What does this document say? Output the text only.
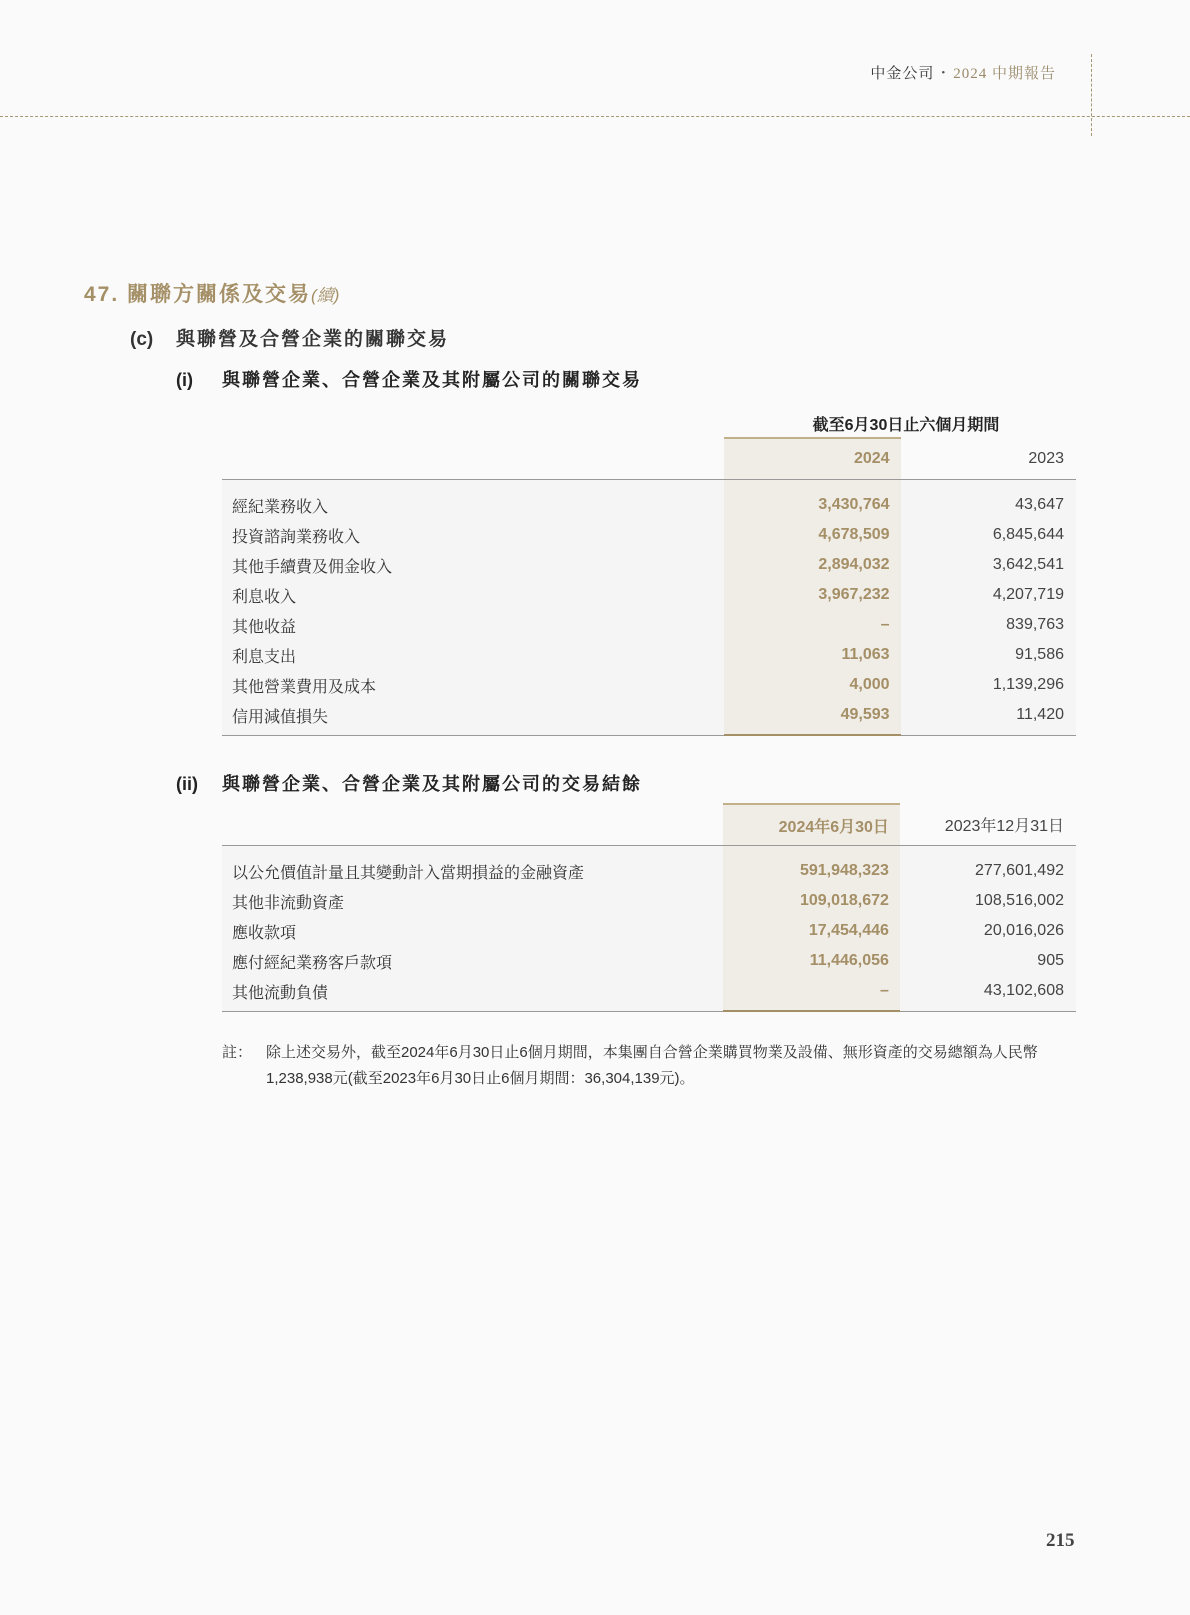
中金公司 • 2024 中期報告
47. 關聯方關係及交易(續)
(c) 與聯營及合營企業的關聯交易
(i) 與聯營企業、合營企業及其附屬公司的關聯交易
截至6月30日止六個月期間
	2024	2023
經紀業務收入	3,430,764	43,647
投資諮詢業務收入	4,678,509	6,845,644
其他手續費及佣金收入	2,894,032	3,642,541
利息收入	3,967,232	4,207,719
其他收益	–	839,763
利息支出	11,063	91,586
其他營業費用及成本	4,000	1,139,296
信用減值損失	49,593	11,420
(ii) 與聯營企業、合營企業及其附屬公司的交易結餘
	2024年6月30日	2023年12月31日
以公允價值計量且其變動計入當期損益的金融資產	591,948,323	277,601,492
其他非流動資產	109,018,672	108,516,002
應收款項	17,454,446	20,016,026
應付經紀業務客戶款項	11,446,056	905
其他流動負債	–	43,102,608
註： 除上述交易外，截至2024年6月30日止6個月期間，本集團自合營企業購買物業及設備、無形資產的交易總額為人民幣1,238,938元(截至2023年6月30日止6個月期間：36,304,139元)。
215
